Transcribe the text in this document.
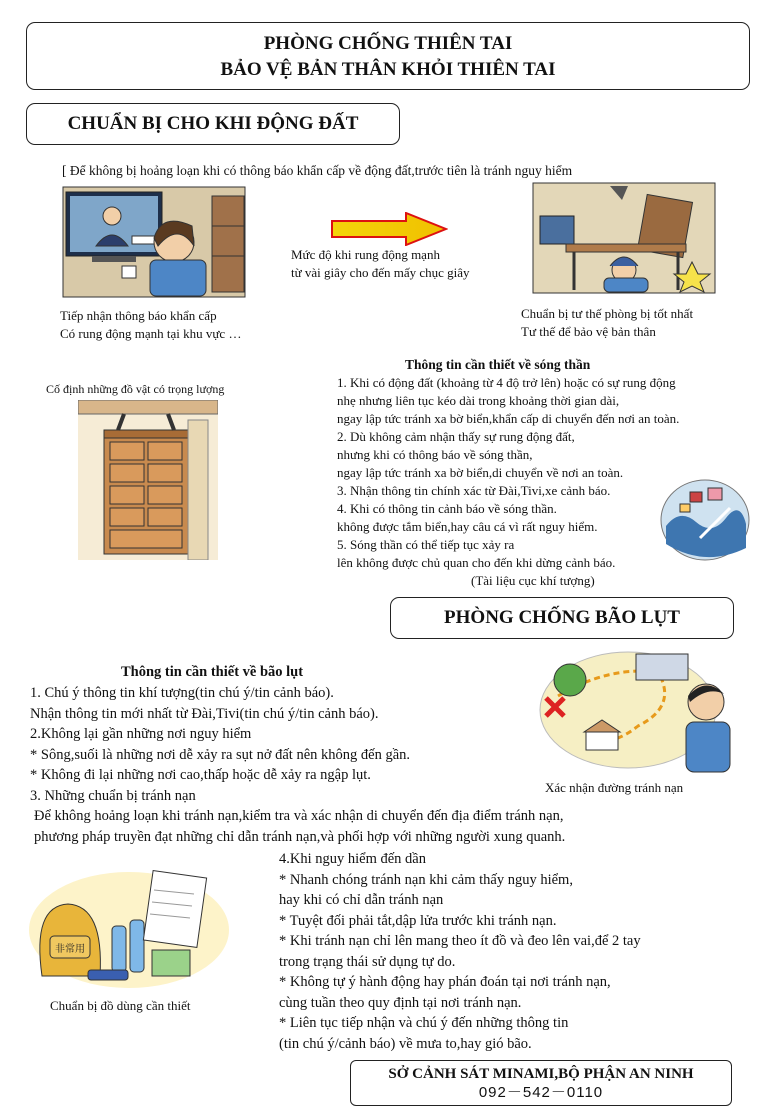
PHÒNG CHỐNG THIÊN TAI
BẢO VỆ BẢN THÂN KHỎI THIÊN TAI
CHUẨN BỊ CHO KHI ĐỘNG ĐẤT
[ Để không bị hoảng loạn khi có thông báo khẩn cấp về động đất,trước tiên là tránh nguy hiểm
Tiếp nhận thông báo khẩn cấp
Có rung động mạnh tại khu vực …
Mức độ khi rung động mạnh
từ vài giây cho đến mấy chục giây
Chuẩn bị tư thế phòng bị tốt nhất
Tư thế để bảo vệ bản thân
Cố định những đồ vật có trọng lượng
Thông tin cần thiết về sóng thần
1. Khi có động đất (khoảng từ 4 độ trở lên) hoặc có sự rung động
nhẹ nhưng liên tục kéo dài trong khoảng thời gian dài,
ngay lập tức tránh xa bờ biển,khẩn cấp di chuyển đến nơi an toàn.
2. Dù không cảm nhận thấy sự rung động đất,
nhưng khi có thông báo về sóng thần,
ngay lập tức tránh xa bờ biển,di chuyển về nơi an toàn.
3. Nhận thông tin chính xác từ Đài,Tivi,xe cảnh báo.
4. Khi có thông tin cảnh báo về sóng thần.
không được tắm biển,hay câu cá vì rất nguy hiểm.
5. Sóng thần có thể tiếp tục xảy ra
lên không được chủ quan cho đến khi dừng cảnh báo.
(Tài liệu cục khí tượng)
PHÒNG CHỐNG BÃO LỤT
Thông tin cần thiết về bão lụt
1. Chú ý thông tin khí tượng(tin chú ý/tin cảnh báo).
Nhận thông tin mới nhất từ Đài,Tivi(tin chú ý/tin cảnh báo).
2.Không lại gần những nơi nguy hiểm
* Sông,suối là những nơi dễ xảy ra sụt nở đất nên không đến gần.
* Không đi lại những nơi cao,thấp hoặc dễ xảy ra ngập lụt.
3. Những chuẩn bị tránh nạn
Để không hoảng loạn khi tránh nạn,kiểm tra và xác nhận di chuyển đến địa điểm tránh nạn,
phương pháp truyền đạt những chỉ dẫn tránh nạn,và phối hợp với những người xung quanh.
Xác nhận đường tránh nạn
非常用
Chuẩn bị đồ dùng cần thiết
4.Khi nguy hiểm đến dần
* Nhanh chóng tránh nạn khi cảm thấy nguy hiểm,
hay khi có chỉ dẫn tránh nạn
* Tuyệt đối phải tắt,dập lửa trước khi tránh nạn.
* Khi tránh nạn chỉ lên mang theo ít đồ và đeo lên vai,để 2 tay
trong trạng thái sử dụng tự do.
* Không tự ý hành động hay phán đoán tại nơi tránh nạn,
cùng tuần theo quy định tại nơi tránh nạn.
* Liên tục tiếp nhận và chú ý đến những thông tin
(tin chú ý/cảnh báo) về mưa to,hay gió bão.
SỞ CẢNH SÁT MINAMI,BỘ PHẬN AN NINH
092－542－0110
